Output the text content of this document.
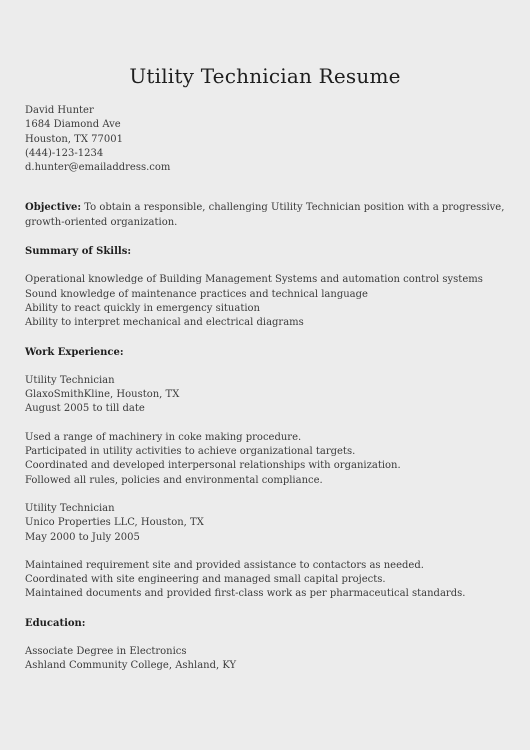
Utility Technician Resume
David Hunter
1684 Diamond Ave
Houston, TX 77001
(444)-123-1234
d.hunter@emailaddress.com
Objective: To obtain a responsible, challenging Utility Technician position with a progressive, growth-oriented organization.
Summary of Skills:
Operational knowledge of Building Management Systems and automation control systems
Sound knowledge of maintenance practices and technical language
Ability to react quickly in emergency situation
Ability to interpret mechanical and electrical diagrams
Work Experience:
Utility Technician
GlaxoSmithKline, Houston, TX
August 2005 to till date
Used a range of machinery in coke making procedure.
Participated in utility activities to achieve organizational targets.
Coordinated and developed interpersonal relationships with organization.
Followed all rules, policies and environmental compliance.
Utility Technician
Unico Properties LLC, Houston, TX
May 2000 to July 2005
Maintained requirement site and provided assistance to contactors as needed.
Coordinated with site engineering and managed small capital projects.
Maintained documents and provided first-class work as per pharmaceutical standards.
Education:
Associate Degree in Electronics
Ashland Community College, Ashland, KY
